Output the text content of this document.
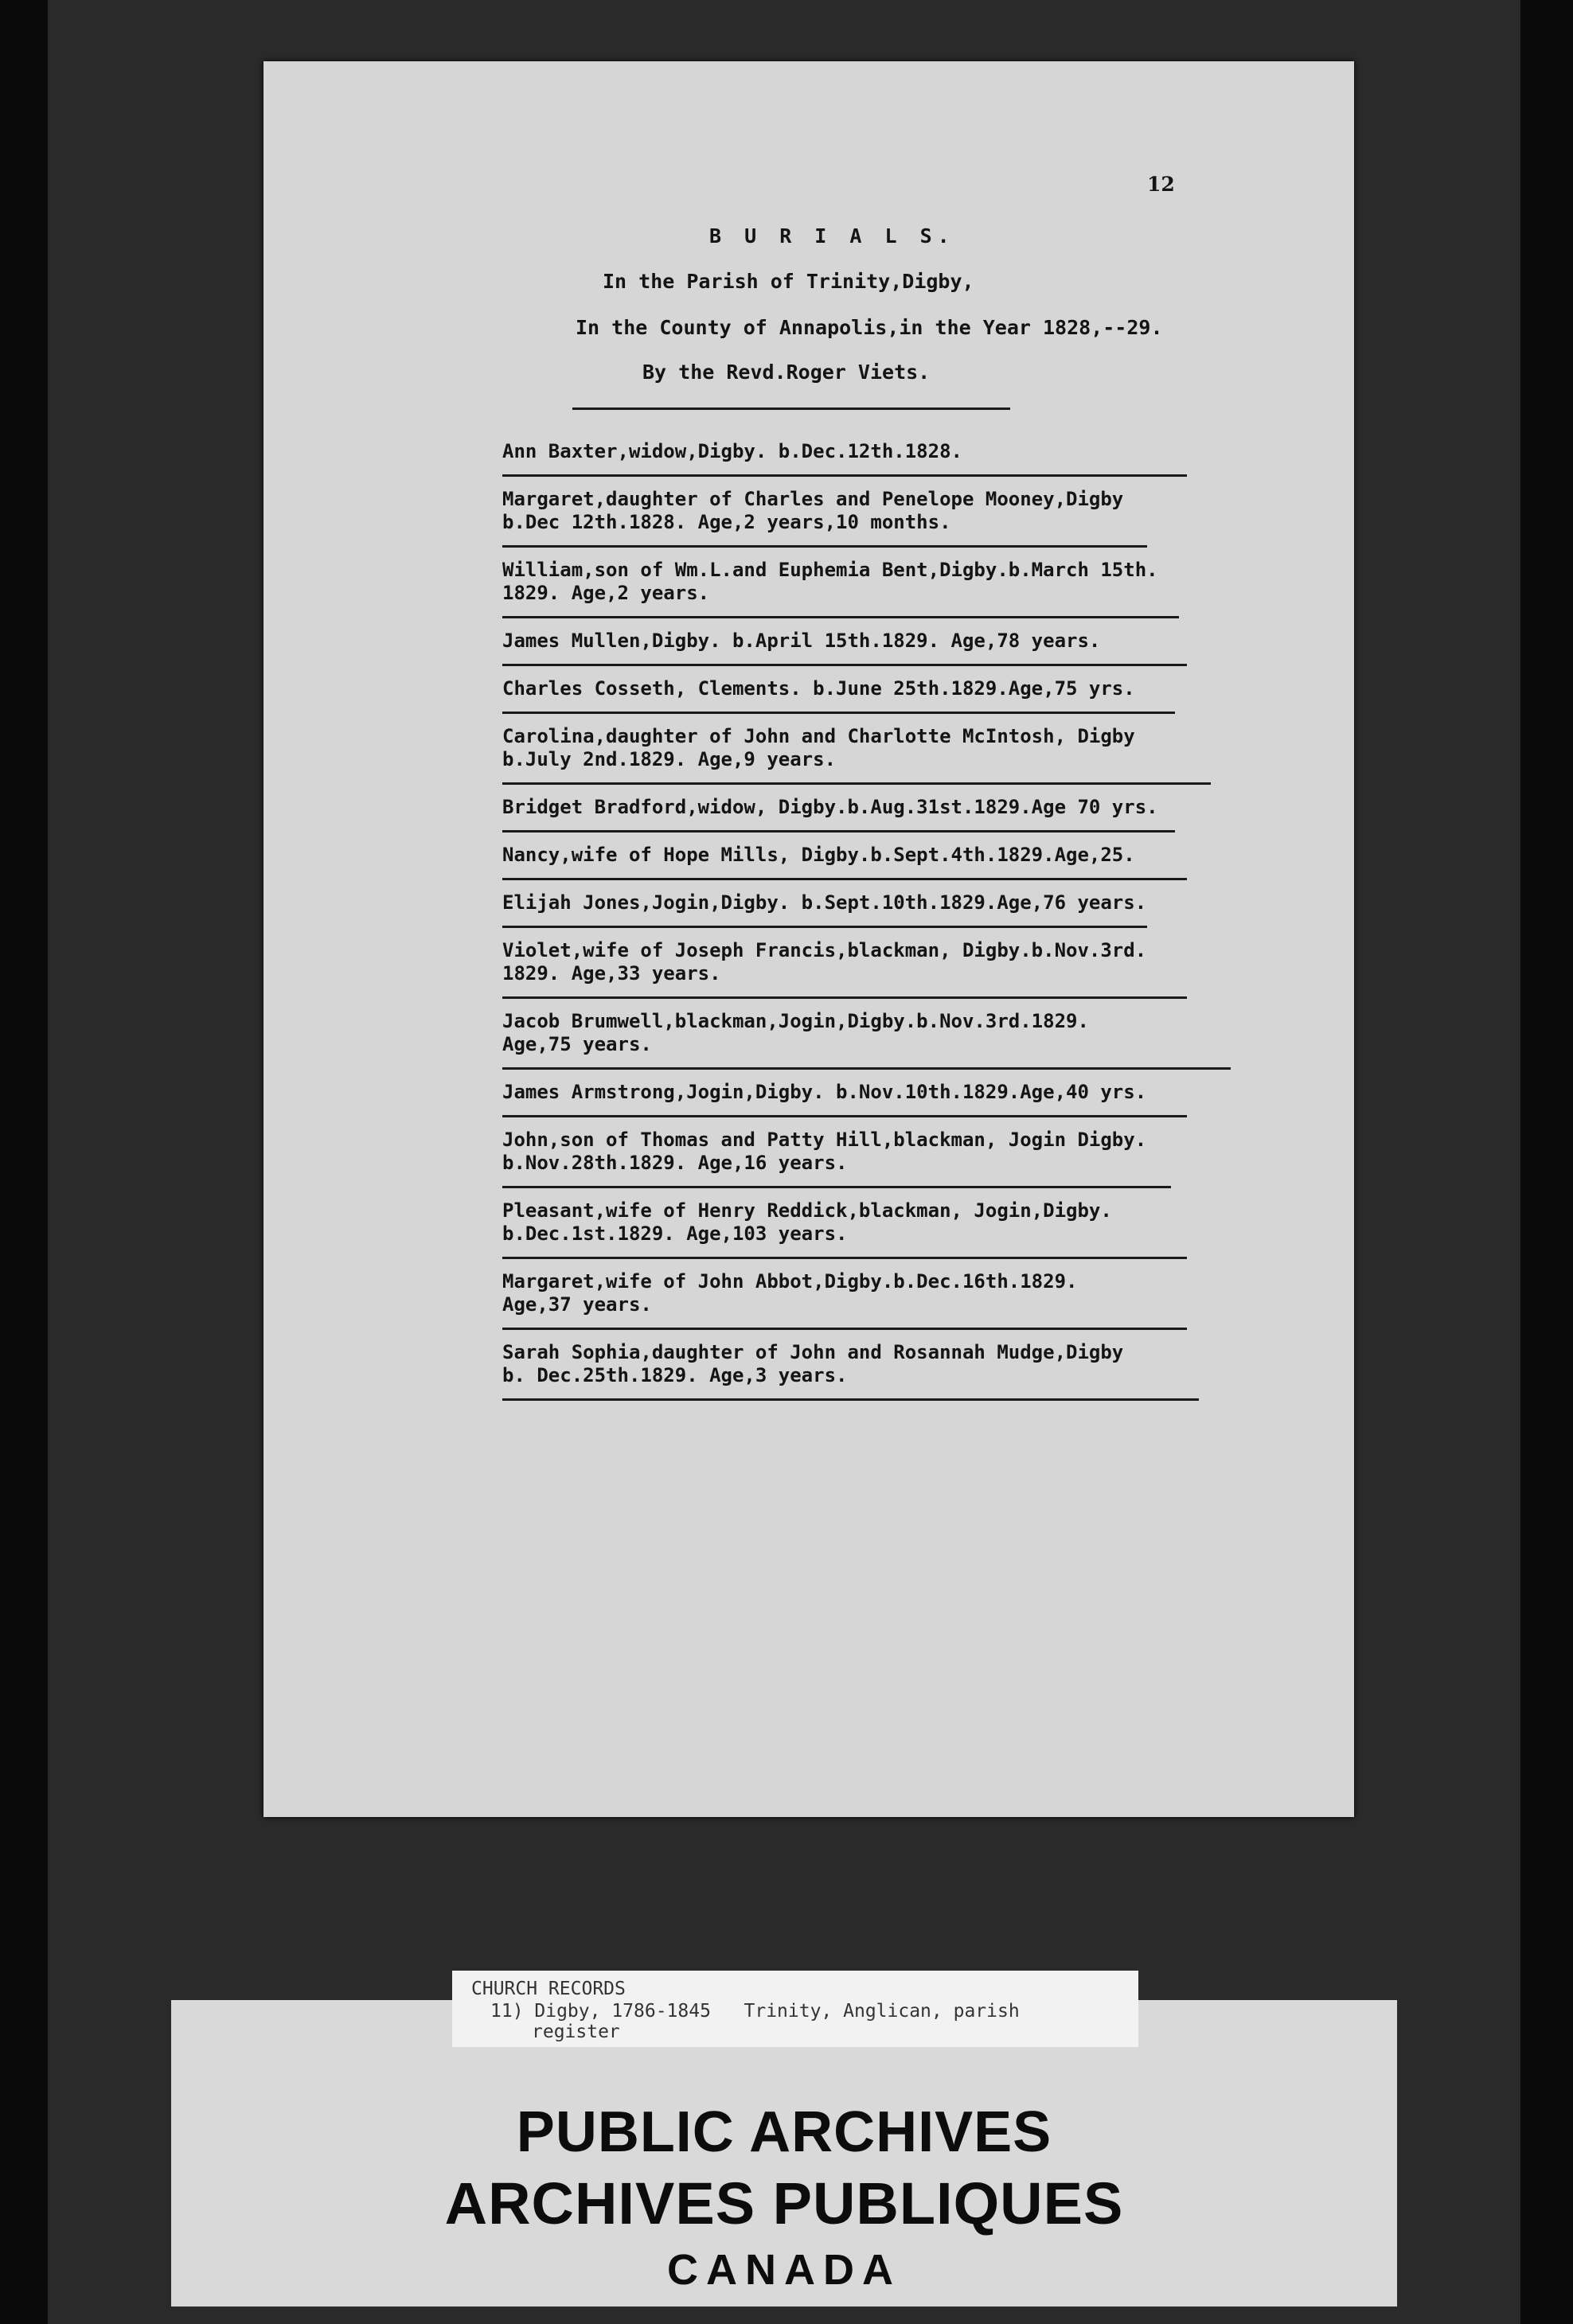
12
B U R I A L S.
In the Parish of Trinity,Digby,
In the County of Annapolis,in the Year 1828,--29.
By the Revd.Roger Viets.
Ann Baxter,widow,Digby. b.Dec.12th.1828.
Margaret,daughter of Charles and Penelope Mooney,Digby
b.Dec 12th.1828. Age,2 years,10 months.
William,son of Wm.L.and Euphemia Bent,Digby.b.March 15th.
1829. Age,2 years.
James Mullen,Digby. b.April 15th.1829. Age,78 years.
Charles Cosseth, Clements. b.June 25th.1829.Age,75 yrs.
Carolina,daughter of John and Charlotte McIntosh, Digby
b.July 2nd.1829. Age,9 years.
Bridget Bradford,widow, Digby.b.Aug.31st.1829.Age 70 yrs.
Nancy,wife of Hope Mills, Digby.b.Sept.4th.1829.Age,25.
Elijah Jones,Jogin,Digby. b.Sept.10th.1829.Age,76 years.
Violet,wife of Joseph Francis,blackman, Digby.b.Nov.3rd.
1829. Age,33 years.
Jacob Brumwell,blackman,Jogin,Digby.b.Nov.3rd.1829.
Age,75 years.
James Armstrong,Jogin,Digby. b.Nov.10th.1829.Age,40 yrs.
John,son of Thomas and Patty Hill,blackman, Jogin Digby.
b.Nov.28th.1829. Age,16 years.
Pleasant,wife of Henry Reddick,blackman, Jogin,Digby.
b.Dec.1st.1829. Age,103 years.
Margaret,wife of John Abbot,Digby.b.Dec.16th.1829.
Age,37 years.
Sarah Sophia,daughter of John and Rosannah Mudge,Digby
b. Dec.25th.1829. Age,3 years.
PUBLIC ARCHIVES
ARCHIVES PUBLIQUES
CANADA
CHURCH RECORDS
11) Digby, 1786-1845 Trinity, Anglican, parish
register
